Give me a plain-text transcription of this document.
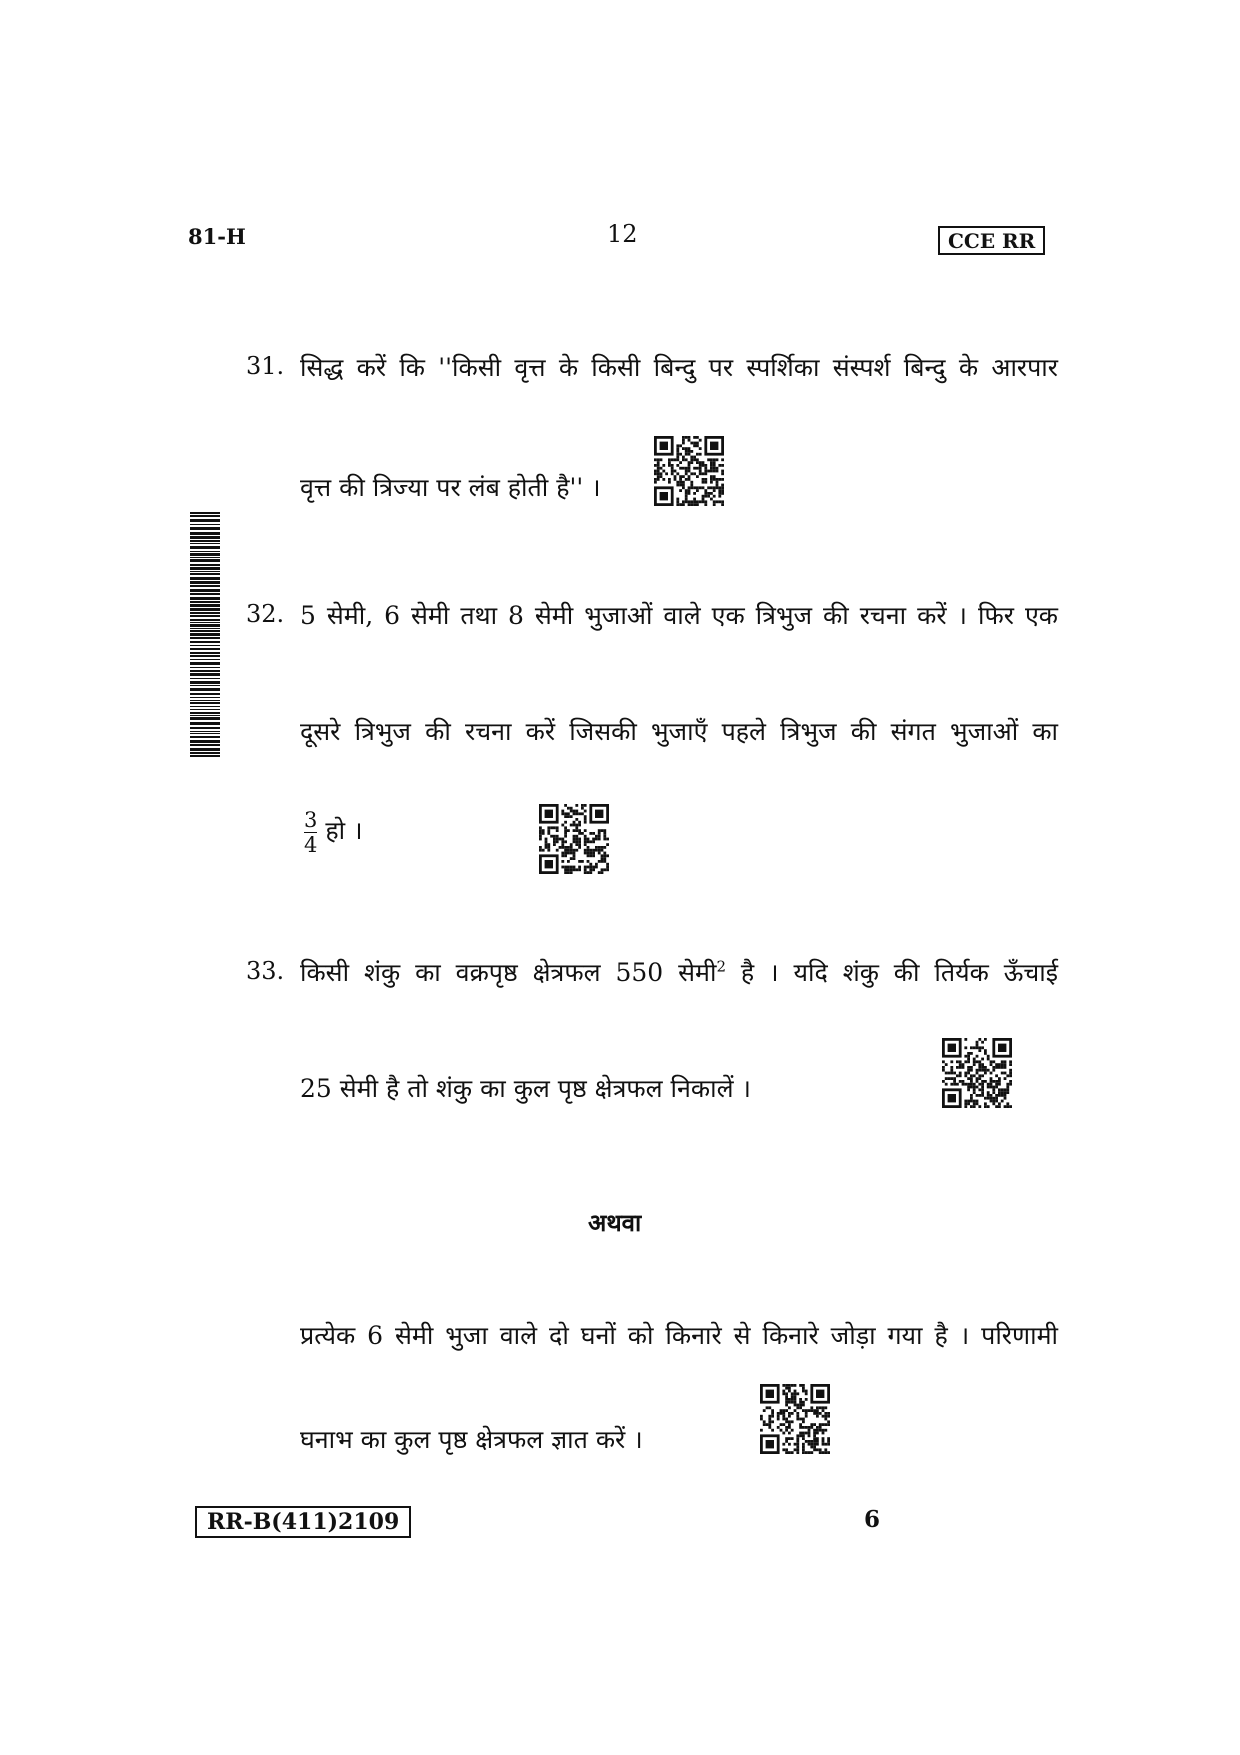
81-H	12	CCE RR
31. सिद्ध करें कि ''किसी वृत्त के किसी बिन्दु पर स्पर्शिका संस्पर्श बिन्दु के आरपार
वृत्त की त्रिज्या पर लंब होती है'' ।
32. 5 सेमी, 6 सेमी तथा 8 सेमी भुजाओं वाले एक त्रिभुज की रचना करें । फिर एक
दूसरे त्रिभुज की रचना करें जिसकी भुजाएँ पहले त्रिभुज की संगत भुजाओं का
$\frac{3}{4}$ हो ।
33. किसी शंकु का वक्रपृष्ठ क्षेत्रफल 550 सेमी$^2$ है । यदि शंकु की तिर्यक ऊँचाई
25 सेमी है तो शंकु का कुल पृष्ठ क्षेत्रफल निकालें ।
अथवा
प्रत्येक 6 सेमी भुजा वाले दो घनों को किनारे से किनारे जोड़ा गया है । परिणामी
घनाभ का कुल पृष्ठ क्षेत्रफल ज्ञात करें ।
RR-B(411)2109	6
